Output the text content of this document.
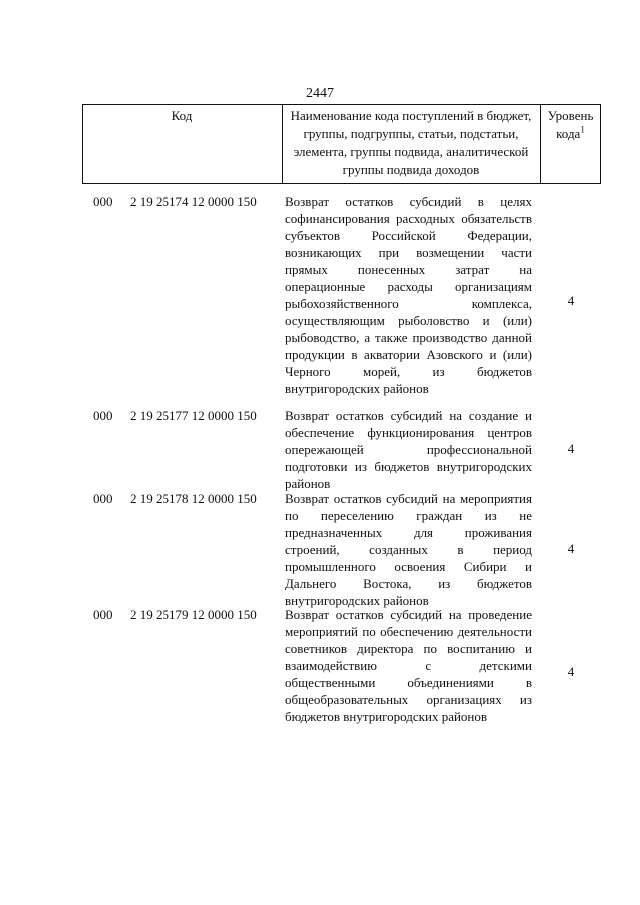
2447
Код	Наименование кода поступлений в бюджет, группы, подгруппы, статьи, подстатьи, элемента, группы подвида, аналитической группы подвида доходов
Уровень кода$^1$
000 2 19 25174 12 0000 150 Возврат остатков субсидий в целях софинансирования расходных обязательств субъектов Российской Федерации, возникающих при возмещении части прямых понесенных затрат на операционные расходы организациям рыбохозяйственного комплекса, осуществляющим рыболовство и (или) рыбоводство, а также производство данной продукции в акватории Азовского и (или) Черного морей, из бюджетов внутригородских районов
4
000 2 19 25177 12 0000 150 Возврат остатков субсидий на создание и обеспечение функционирования центров опережающей профессиональной подготовки из бюджетов внутригородских районов
4
000 2 19 25178 12 0000 150 Возврат остатков субсидий на мероприятия по переселению граждан из не предназначенных для проживания строений, созданных в период промышленного освоения Сибири и Дальнего Востока, из бюджетов внутригородских районов
4
000 2 19 25179 12 0000 150 Возврат остатков субсидий на проведение мероприятий по обеспечению деятельности советников директора по воспитанию и взаимодействию с детскими общественными объединениями в общеобразовательных организациях из бюджетов внутригородских районов
4
